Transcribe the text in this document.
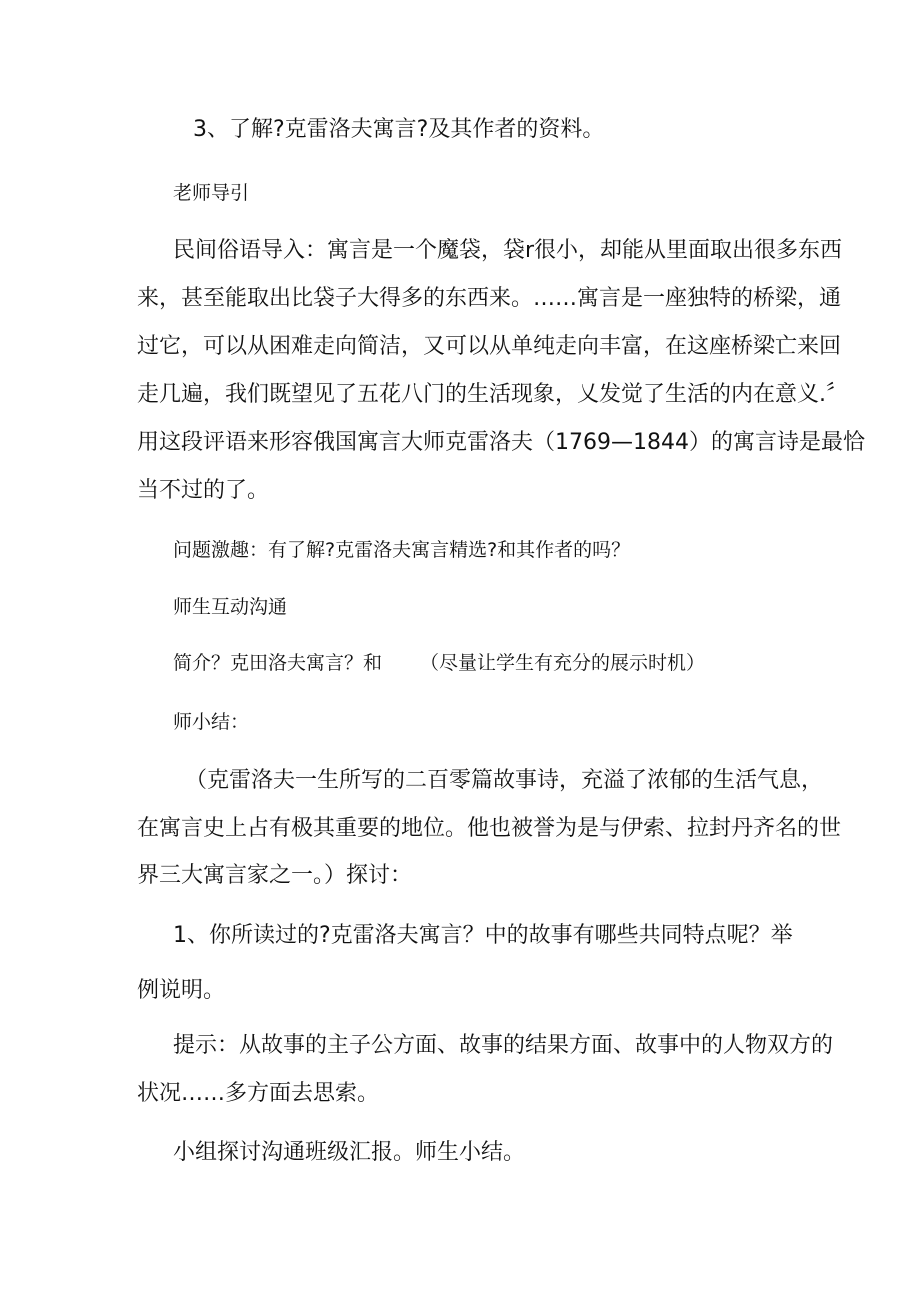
3、了解?克雷洛夫寓言?及其作者的资料。

老师导引

民间俗语导入：寓言是一个魔袋，袋r很小，却能从里面取出很多东西

来，甚至能取出比袋子大得多的东西来。……寓言是一座独特的桥梁，通

过它，可以从困难走向简洁，又可以从单纯走向丰富，在这座桥梁亡来回

走几遍，我们既望见了五花八门的生活现象，乂发觉了生活的内在意义.〞

用这段评语来形容俄国寓言大师克雷洛夫（1769—1844）的寓言诗是最恰

当不过的了。

问题激趣：有了解?克雷洛夫寓言精选?和其作者的吗？

师生互动沟通

简介？克田洛夫寓言？和 （尽量让学生有充分的展示时机）

师小结：

（克雷洛夫一生所写的二百零篇故事诗，充溢了浓郁的生活气息，

在寓言史上占有极其重要的地位。他也被誉为是与伊索、拉封丹齐名的世

界三大寓言家之一。）探讨：

1、你所读过的?克雷洛夫寓言？中的故事有哪些共同特点呢？举

例说明。

提示：从故事的主子公方面、故事的结果方面、故事中的人物双方的

状况……多方面去思索。

小组探讨沟通班级汇报。师生小结。
